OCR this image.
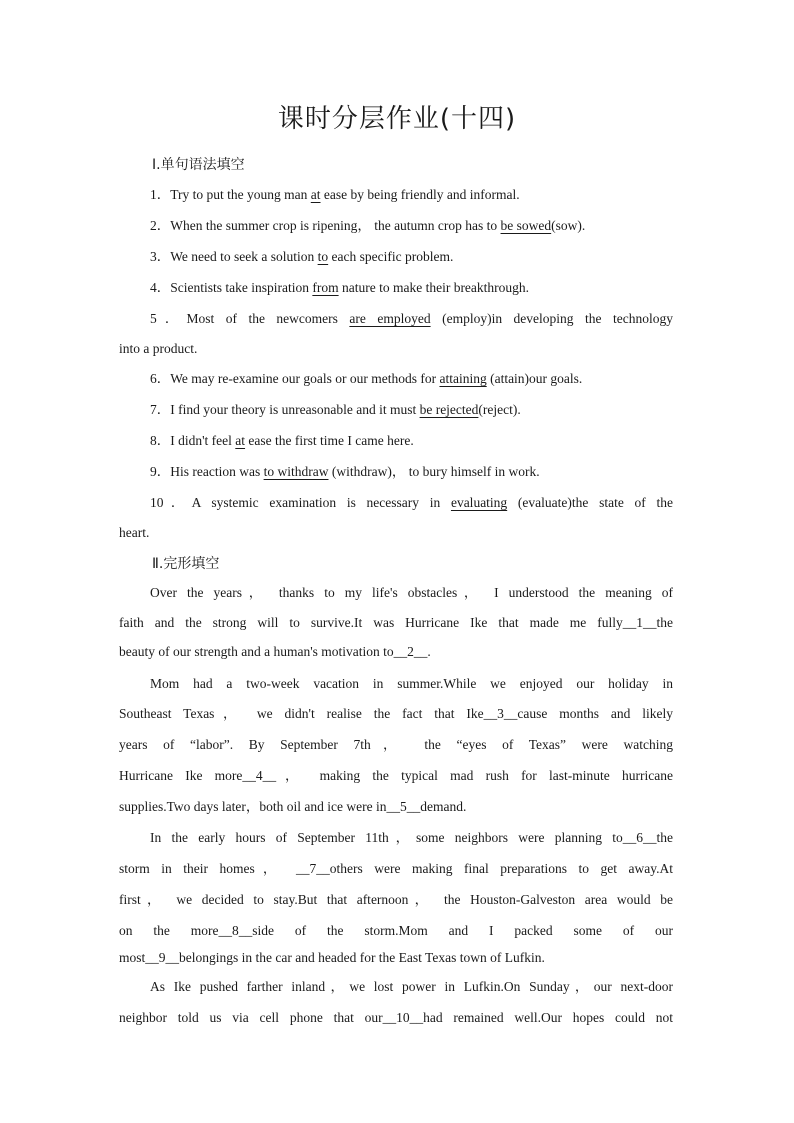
课时分层作业(十四)
Ⅰ.单句语法填空
1．Try to put the young man at ease by being friendly and informal.
2．When the summer crop is ripening， the autumn crop has to be sowed(sow).
3．We need to seek a solution to each specific problem.
4．Scientists take inspiration from nature to make their breakthrough.
5．Most of the newcomers are employed (employ)in developing the technology
into a product.
6．We may re-examine our goals or our methods for attaining (attain)our goals.
7．I find your theory is unreasonable and it must be rejected(reject).
8．I didn't feel at ease the first time I came here.
9．His reaction was to withdraw (withdraw)， to bury himself in work.
10．A systemic examination is necessary in evaluating (evaluate)the state of the
heart.
Ⅱ.完形填空
Over the years， thanks to my life's obstacles， I understood the meaning of
faith and the strong will to survive.It was Hurricane Ike that made me fully__1__the
beauty of our strength and a human's motivation to__2__.
Mom had a two-week vacation in summer.While we enjoyed our holiday in
Southeast Texas， we didn't realise the fact that Ike__3__cause months and likely
years of “labor”. By September 7th， the “eyes of Texas” were watching
Hurricane Ike more__4__， making the typical mad rush for last-minute hurricane
supplies.Two days later，both oil and ice were in__5__demand.
In the early hours of September 11th，some neighbors were planning to__6__the
storm in their homes， __7__others were making final preparations to get away.At
first， we decided to stay.But that afternoon， the Houston-Galveston area would be
on the more__8__side of the storm.Mom and I packed some of our
most__9__belongings in the car and headed for the East Texas town of Lufkin.
As Ike pushed farther inland，we lost power in Lufkin.On Sunday，our next-door
neighbor told us via cell phone that our__10__had remained well.Our hopes could not
